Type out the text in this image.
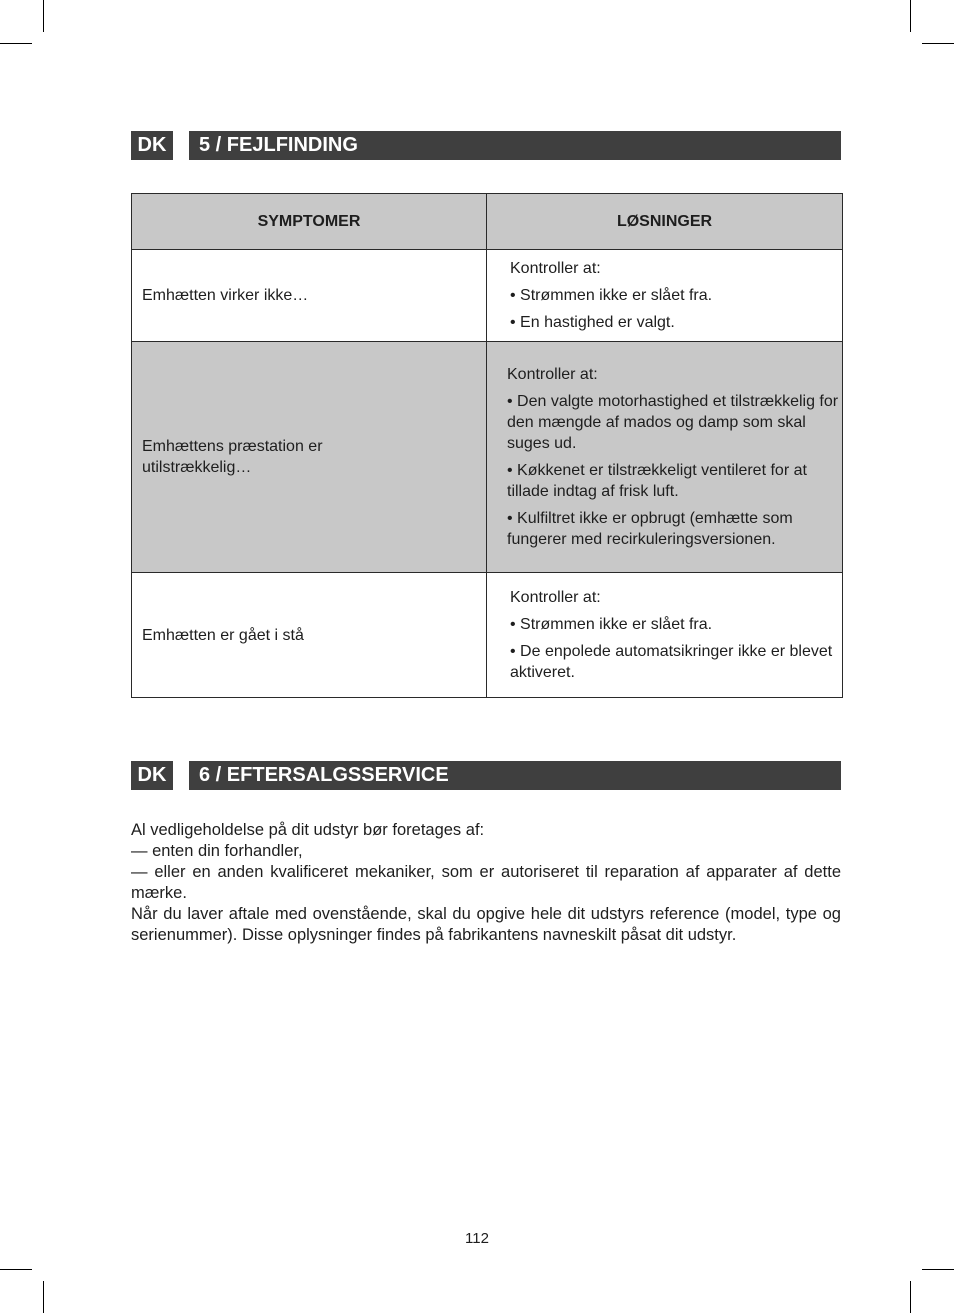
DK	5 / FEJLFINDING
SYMPTOMER	LØSNINGER
Emhætten virker ikke…	Kontroller at:

• Strømmen ikke er slået fra.

• En hastighed er valgt.

Emhættens præstation er utilstrækkelig…	Kontroller at:

• Den valgte motorhastighed et tilstrækkelig for den mængde af mados og damp som skal suges ud.

• Køkkenet er tilstrækkeligt ventileret for at tillade indtag af frisk luft.

• Kulfiltret ikke er opbrugt (emhætte som fungerer med recirkuleringsversionen.

Emhætten er gået i stå	Kontroller at:

• Strømmen ikke er slået fra.

• De enpolede automatsikringer ikke er blevet aktiveret.

DK	6 / EFTERSALGSSERVICE

Al vedligeholdelse på dit udstyr bør foretages af:

— enten din forhandler,

— eller en anden kvalificeret mekaniker, som er autoriseret til reparation af apparater af dette mærke.

Når du laver aftale med ovenstående, skal du opgive hele dit udstyrs reference (model, type og serienummer). Disse oplysninger findes på fabrikantens navneskilt påsat dit udstyr.

112
